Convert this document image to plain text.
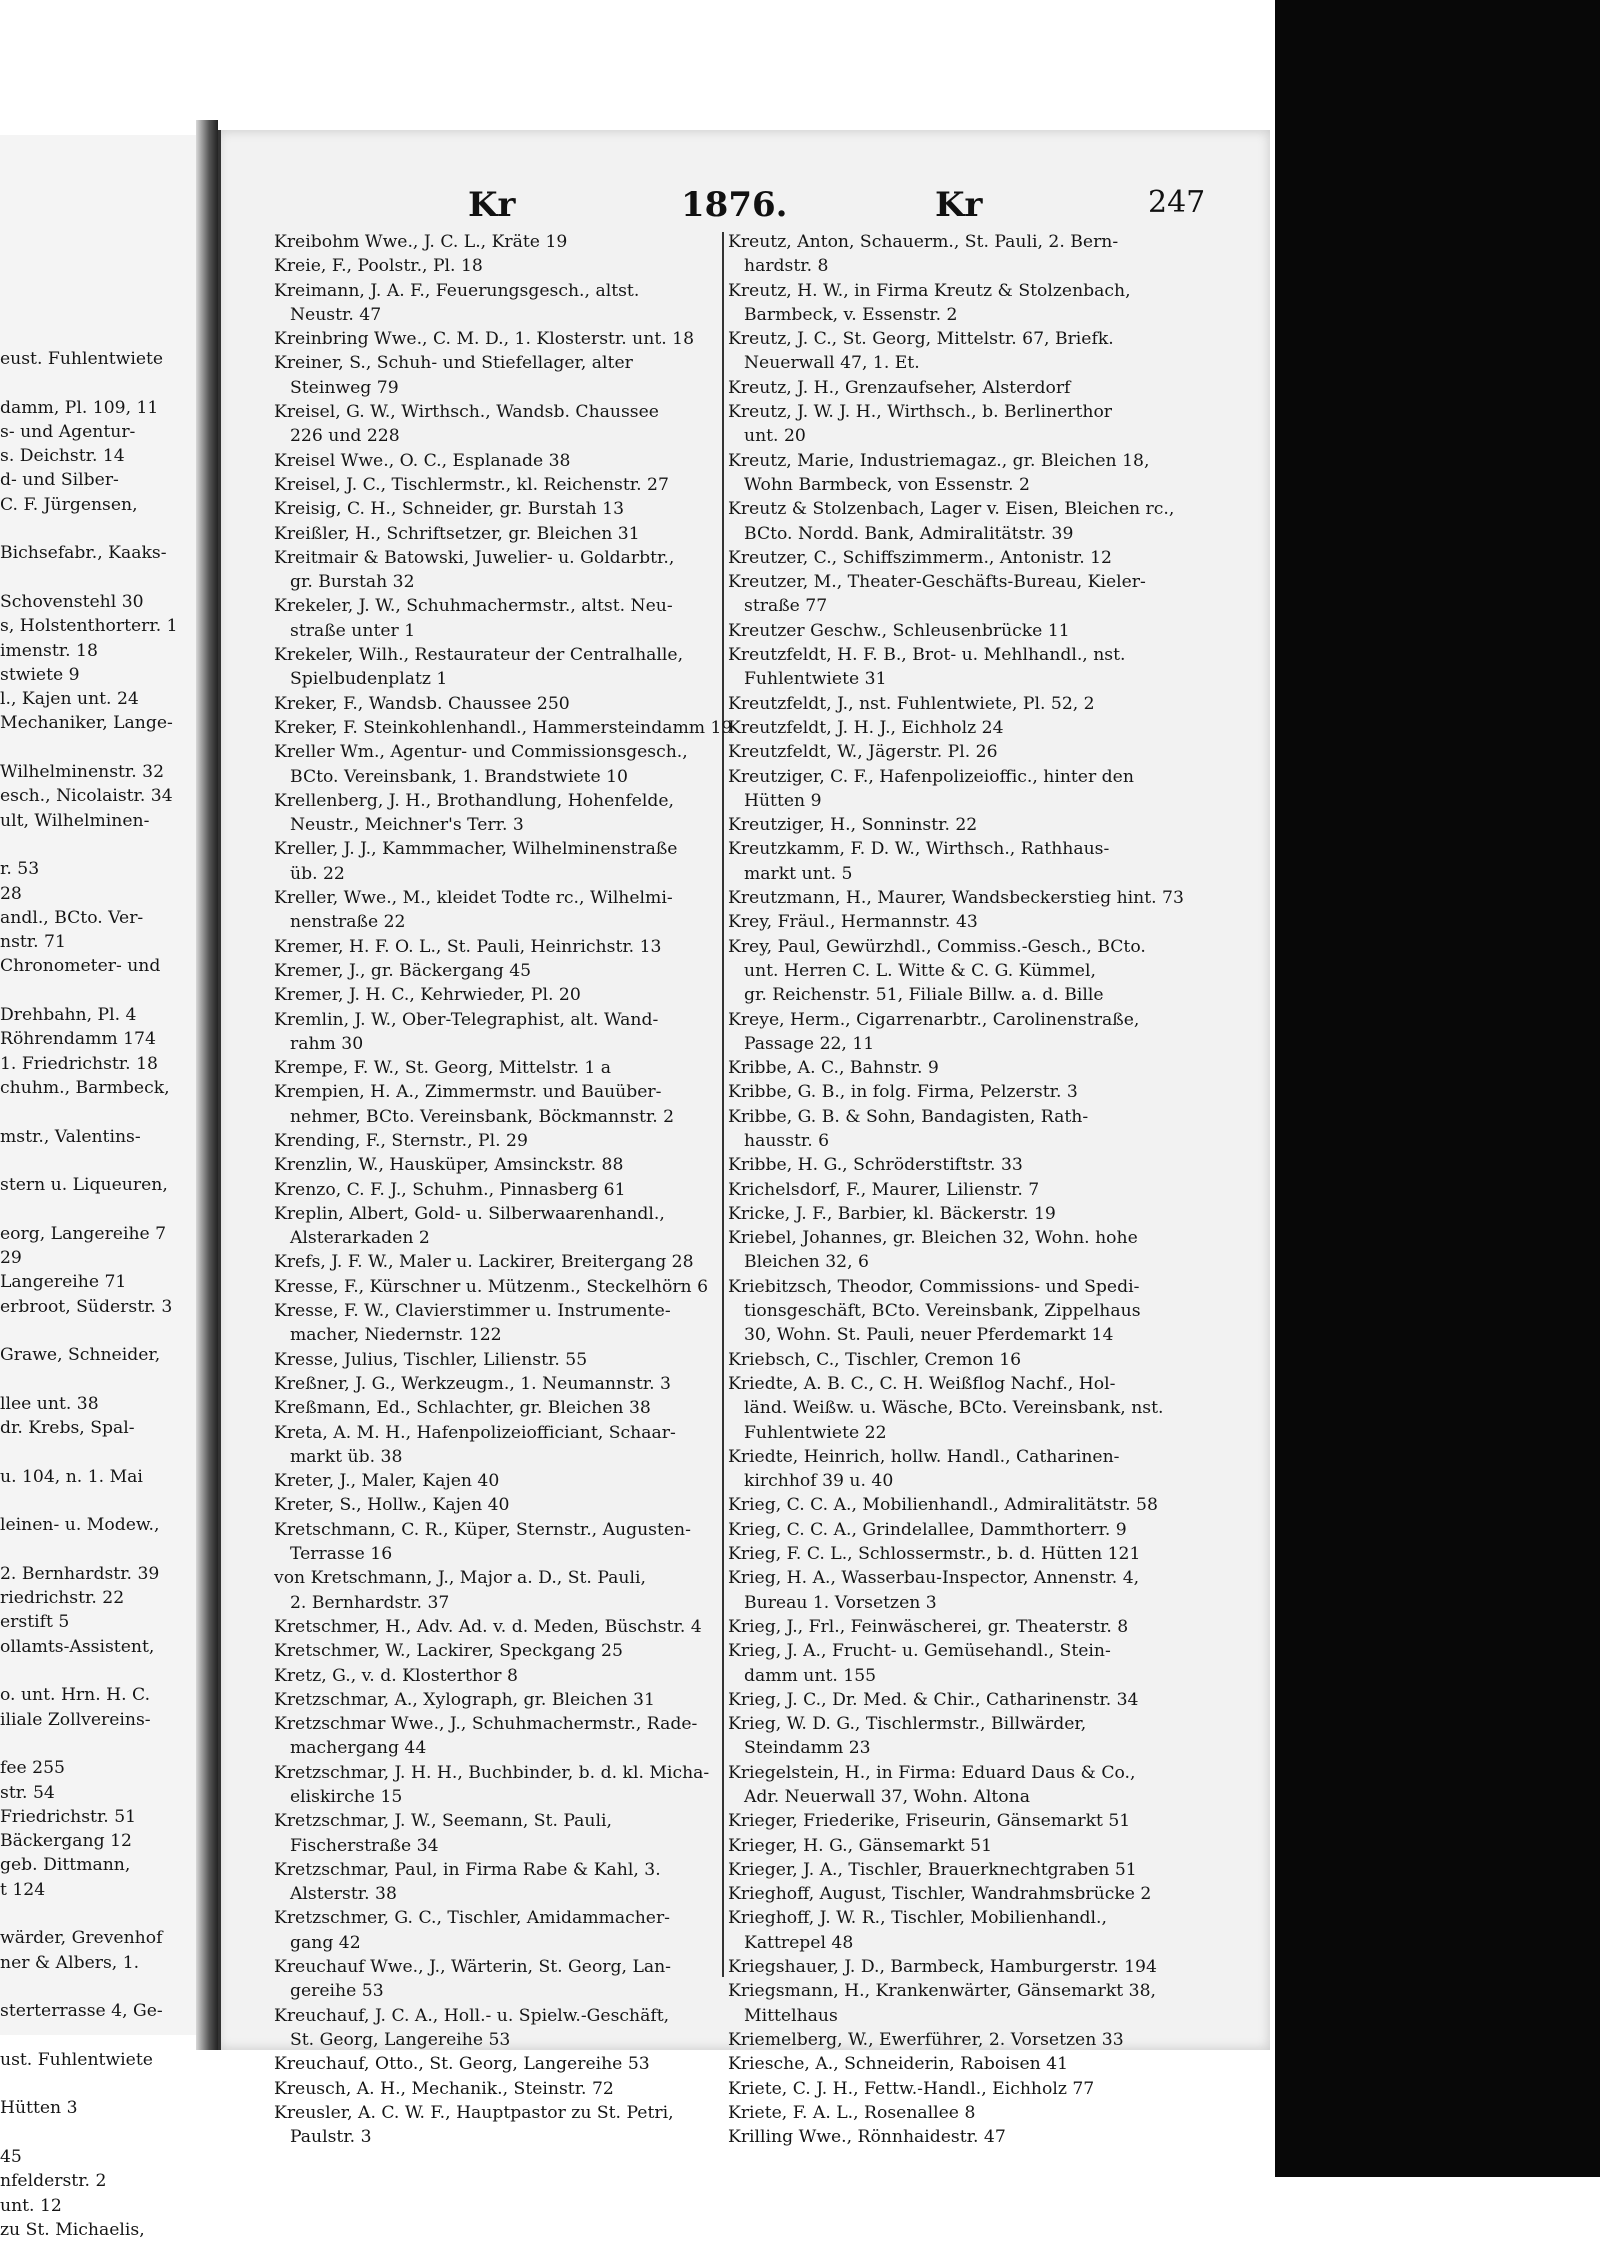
eust. Fuhlentwiete
damm, Pl. 109, 11
s- und Agentur-
s. Deichstr. 14
d- und Silber-
C. F. Jürgensen,
Bichsefabr., Kaaks-
Schovenstehl 30
s, Holstenthorterr. 1
imenstr. 18
stwiete 9
l., Kajen unt. 24
Mechaniker, Lange-
Wilhelminenstr. 32
esch., Nicolaistr. 34
ult, Wilhelminen-
r. 53
28
andl., BCto. Ver-
nstr. 71
Chronometer- und
Drehbahn, Pl. 4
Röhrendamm 174
1. Friedrichstr. 18
chuhm., Barmbeck,
mstr., Valentins-
stern u. Liqueuren,
eorg, Langereihe 7
29
Langereihe 71
erbroot, Süderstr. 3
Grawe, Schneider,
llee unt. 38
dr. Krebs, Spal-
u. 104, n. 1. Mai
leinen- u. Modew.,
2. Bernhardstr. 39
riedrichstr. 22
erstift 5
ollamts-Assistent,
o. unt. Hrn. H. C.
iliale Zollvereins-
fee 255
str. 54
Friedrichstr. 51
Bäckergang 12
geb. Dittmann,
t 124
wärder, Grevenhof
ner & Albers, 1.
sterterrasse 4, Ge-
ust. Fuhlentwiete
Hütten 3
45
nfelderstr. 2
unt. 12
zu St. Michaelis,
Kr	1876.	Kr	247
Kreibohm Wwe., J. C. L., Kräte 19
Kreie, F., Poolstr., Pl. 18
Kreimann, J. A. F., Feuerungsgesch., altst.
Neustr. 47
Kreinbring Wwe., C. M. D., 1. Klosterstr. unt. 18
Kreiner, S., Schuh- und Stiefellager, alter
Steinweg 79
Kreisel, G. W., Wirthsch., Wandsb. Chaussee
226 und 228
Kreisel Wwe., O. C., Esplanade 38
Kreisel, J. C., Tischlermstr., kl. Reichenstr. 27
Kreisig, C. H., Schneider, gr. Burstah 13
Kreißler, H., Schriftsetzer, gr. Bleichen 31
Kreitmair & Batowski, Juwelier- u. Goldarbtr.,
gr. Burstah 32
Krekeler, J. W., Schuhmachermstr., altst. Neu-
straße unter 1
Krekeler, Wilh., Restaurateur der Centralhalle,
Spielbudenplatz 1
Kreker, F., Wandsb. Chaussee 250
Kreker, F. Steinkohlenhandl., Hammersteindamm 19
Kreller Wm., Agentur- und Commissionsgesch.,
BCto. Vereinsbank, 1. Brandstwiete 10
Krellenberg, J. H., Brothandlung, Hohenfelde,
Neustr., Meichner's Terr. 3
Kreller, J. J., Kammmacher, Wilhelminenstraße
üb. 22
Kreller, Wwe., M., kleidet Todte rc., Wilhelmi-
nenstraße 22
Kremer, H. F. O. L., St. Pauli, Heinrichstr. 13
Kremer, J., gr. Bäckergang 45
Kremer, J. H. C., Kehrwieder, Pl. 20
Kremlin, J. W., Ober-Telegraphist, alt. Wand-
rahm 30
Krempe, F. W., St. Georg, Mittelstr. 1 a
Krempien, H. A., Zimmermstr. und Bauüber-
nehmer, BCto. Vereinsbank, Böckmannstr. 2
Krending, F., Sternstr., Pl. 29
Krenzlin, W., Hausküper, Amsinckstr. 88
Krenzo, C. F. J., Schuhm., Pinnasberg 61
Kreplin, Albert, Gold- u. Silberwaarenhandl.,
Alsterarkaden 2
Krefs, J. F. W., Maler u. Lackirer, Breitergang 28
Kresse, F., Kürschner u. Mützenm., Steckelhörn 6
Kresse, F. W., Clavierstimmer u. Instrumente-
macher, Niedernstr. 122
Kresse, Julius, Tischler, Lilienstr. 55
Kreßner, J. G., Werkzeugm., 1. Neumannstr. 3
Kreßmann, Ed., Schlachter, gr. Bleichen 38
Kreta, A. M. H., Hafenpolizeiofficiant, Schaar-
markt üb. 38
Kreter, J., Maler, Kajen 40
Kreter, S., Hollw., Kajen 40
Kretschmann, C. R., Küper, Sternstr., Augusten-
Terrasse 16
von Kretschmann, J., Major a. D., St. Pauli,
2. Bernhardstr. 37
Kretschmer, H., Adv. Ad. v. d. Meden, Büschstr. 4
Kretschmer, W., Lackirer, Speckgang 25
Kretz, G., v. d. Klosterthor 8
Kretzschmar, A., Xylograph, gr. Bleichen 31
Kretzschmar Wwe., J., Schuhmachermstr., Rade-
machergang 44
Kretzschmar, J. H. H., Buchbinder, b. d. kl. Micha-
eliskirche 15
Kretzschmar, J. W., Seemann, St. Pauli,
Fischerstraße 34
Kretzschmar, Paul, in Firma Rabe & Kahl, 3.
Alsterstr. 38
Kretzschmer, G. C., Tischler, Amidammacher-
gang 42
Kreuchauf Wwe., J., Wärterin, St. Georg, Lan-
gereihe 53
Kreuchauf, J. C. A., Holl.- u. Spielw.-Geschäft,
St. Georg, Langereihe 53
Kreuchauf, Otto., St. Georg, Langereihe 53
Kreusch, A. H., Mechanik., Steinstr. 72
Kreusler, A. C. W. F., Hauptpastor zu St. Petri,
Paulstr. 3
Kreutz, Anton, Schauerm., St. Pauli, 2. Bern-
hardstr. 8
Kreutz, H. W., in Firma Kreutz & Stolzenbach,
Barmbeck, v. Essenstr. 2
Kreutz, J. C., St. Georg, Mittelstr. 67, Briefk.
Neuerwall 47, 1. Et.
Kreutz, J. H., Grenzaufseher, Alsterdorf
Kreutz, J. W. J. H., Wirthsch., b. Berlinerthor
unt. 20
Kreutz, Marie, Industriemagaz., gr. Bleichen 18,
Wohn Barmbeck, von Essenstr. 2
Kreutz & Stolzenbach, Lager v. Eisen, Bleichen rc.,
BCto. Nordd. Bank, Admiralitätstr. 39
Kreutzer, C., Schiffszimmerm., Antonistr. 12
Kreutzer, M., Theater-Geschäfts-Bureau, Kieler-
straße 77
Kreutzer Geschw., Schleusenbrücke 11
Kreutzfeldt, H. F. B., Brot- u. Mehlhandl., nst.
Fuhlentwiete 31
Kreutzfeldt, J., nst. Fuhlentwiete, Pl. 52, 2
Kreutzfeldt, J. H. J., Eichholz 24
Kreutzfeldt, W., Jägerstr. Pl. 26
Kreutziger, C. F., Hafenpolizeioffic., hinter den
Hütten 9
Kreutziger, H., Sonninstr. 22
Kreutzkamm, F. D. W., Wirthsch., Rathhaus-
markt unt. 5
Kreutzmann, H., Maurer, Wandsbeckerstieg hint. 73
Krey, Fräul., Hermannstr. 43
Krey, Paul, Gewürzhdl., Commiss.-Gesch., BCto.
unt. Herren C. L. Witte & C. G. Kümmel,
gr. Reichenstr. 51, Filiale Billw. a. d. Bille
Kreye, Herm., Cigarrenarbtr., Carolinenstraße,
Passage 22, 11
Kribbe, A. C., Bahnstr. 9
Kribbe, G. B., in folg. Firma, Pelzerstr. 3
Kribbe, G. B. & Sohn, Bandagisten, Rath-
hausstr. 6
Kribbe, H. G., Schröderstiftstr. 33
Krichelsdorf, F., Maurer, Lilienstr. 7
Kricke, J. F., Barbier, kl. Bäckerstr. 19
Kriebel, Johannes, gr. Bleichen 32, Wohn. hohe
Bleichen 32, 6
Kriebitzsch, Theodor, Commissions- und Spedi-
tionsgeschäft, BCto. Vereinsbank, Zippelhaus
30, Wohn. St. Pauli, neuer Pferdemarkt 14
Kriebsch, C., Tischler, Cremon 16
Kriedte, A. B. C., C. H. Weißflog Nachf., Hol-
länd. Weißw. u. Wäsche, BCto. Vereinsbank, nst.
Fuhlentwiete 22
Kriedte, Heinrich, hollw. Handl., Catharinen-
kirchhof 39 u. 40
Krieg, C. C. A., Mobilienhandl., Admiralitätstr. 58
Krieg, C. C. A., Grindelallee, Dammthorterr. 9
Krieg, F. C. L., Schlossermstr., b. d. Hütten 121
Krieg, H. A., Wasserbau-Inspector, Annenstr. 4,
Bureau 1. Vorsetzen 3
Krieg, J., Frl., Feinwäscherei, gr. Theaterstr. 8
Krieg, J. A., Frucht- u. Gemüsehandl., Stein-
damm unt. 155
Krieg, J. C., Dr. Med. & Chir., Catharinenstr. 34
Krieg, W. D. G., Tischlermstr., Billwärder,
Steindamm 23
Kriegelstein, H., in Firma: Eduard Daus & Co.,
Adr. Neuerwall 37, Wohn. Altona
Krieger, Friederike, Friseurin, Gänsemarkt 51
Krieger, H. G., Gänsemarkt 51
Krieger, J. A., Tischler, Brauerknechtgraben 51
Krieghoff, August, Tischler, Wandrahmsbrücke 2
Krieghoff, J. W. R., Tischler, Mobilienhandl.,
Kattrepel 48
Kriegshauer, J. D., Barmbeck, Hamburgerstr. 194
Kriegsmann, H., Krankenwärter, Gänsemarkt 38,
Mittelhaus
Kriemelberg, W., Ewerführer, 2. Vorsetzen 33
Kriesche, A., Schneiderin, Raboisen 41
Kriete, C. J. H., Fettw.-Handl., Eichholz 77
Kriete, F. A. L., Rosenallee 8
Krilling Wwe., Rönnhaidestr. 47
